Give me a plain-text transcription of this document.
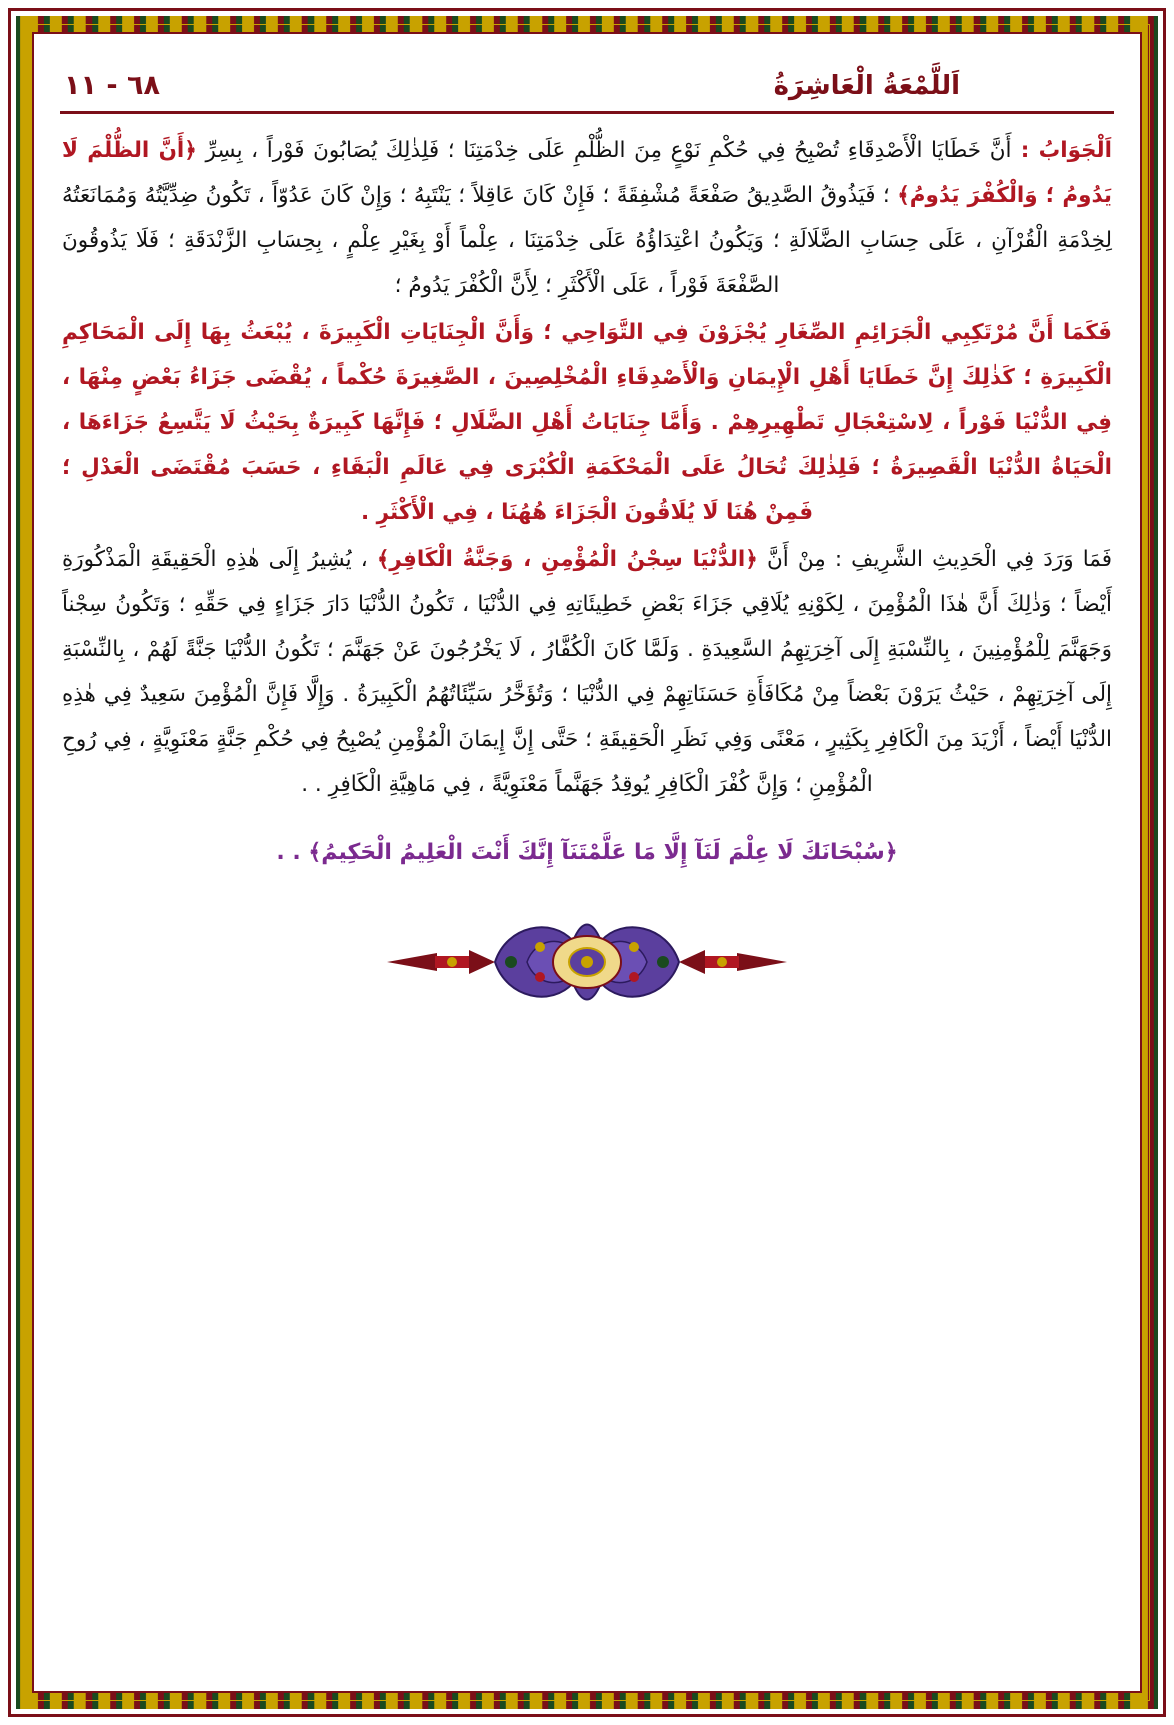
٦٨ - ١١	اَللَّمْعَةُ الْعَاشِرَةُ

اَلْجَوَابُ : أَنَّ خَطَايَا الْأَصْدِقَاءِ تُصْبِحُ فِي حُكْمِ نَوْعٍ مِنَ الظُّلْمِ عَلَى خِدْمَتِنَا ؛ فَلِذٰلِكَ يُصَابُونَ فَوْراً ، بِسِرِّ ﴿أَنَّ الظُّلْمَ لَا يَدُومُ ؛ وَالْكُفْرَ يَدُومُ﴾ ؛ فَيَذُوقُ الصَّدِيقُ صَفْعَةً مُشْفِقَةً ؛ فَإِنْ كَانَ عَاقِلاً ؛ يَنْتَبِهُ ؛ وَإِنْ كَانَ عَدُوّاً ، تَكُونُ ضِدِّيَّتُهُ وَمُمَانَعَتُهُ لِخِدْمَةِ الْقُرْآنِ ، عَلَى حِسَابِ الضَّلَالَةِ ؛ وَيَكُونُ اعْتِدَاؤُهُ عَلَى خِدْمَتِنَا ، عِلْماً أَوْ بِغَيْرِ عِلْمٍ ، بِحِسَابِ الزَّنْدَقَةِ ؛ فَلَا يَذُوقُونَ الصَّفْعَةَ فَوْراً ، عَلَى الْأَكْثَرِ ؛ لِأَنَّ الْكُفْرَ يَدُومُ ؛

فَكَمَا أَنَّ مُرْتَكِبِي الْجَرَائِمِ الصِّغَارِ يُجْزَوْنَ فِي التَّوَاحِي ؛ وَأَنَّ الْجِنَايَاتِ الْكَبِيرَةَ ، يُبْعَثُ بِهَا إِلَى الْمَحَاكِمِ الْكَبِيرَةِ ؛ كَذٰلِكَ إِنَّ خَطَايَا أَهْلِ الْإِيمَانِ وَالْأَصْدِقَاءِ الْمُخْلِصِينَ ، الصَّغِيرَةَ حُكْماً ، يُقْضَى جَزَاءُ بَعْضٍ مِنْهَا ، فِي الدُّنْيَا فَوْراً ، لِاسْتِعْجَالِ تَطْهِيرِهِمْ . وَأَمَّا جِنَايَاتُ أَهْلِ الضَّلَالِ ؛ فَإِنَّهَا كَبِيرَةٌ بِحَيْثُ لَا يَتَّسِعُ جَزَاءَهَا ، الْحَيَاةُ الدُّنْيَا الْقَصِيرَةُ ؛ فَلِذٰلِكَ تُحَالُ عَلَى الْمَحْكَمَةِ الْكُبْرَى فِي عَالَمِ الْبَقَاءِ ، حَسَبَ مُقْتَضَى الْعَدْلِ ؛ فَمِنْ هُنَا لَا يُلَاقُونَ الْجَزَاءَ هُهُنَا ، فِي الْأَكْثَرِ .

فَمَا وَرَدَ فِي الْحَدِيثِ الشَّرِيفِ : مِنْ أَنَّ ﴿الدُّنْيَا سِجْنُ الْمُؤْمِنِ ، وَجَنَّةُ الْكَافِرِ﴾ ، يُشِيرُ إِلَى هٰذِهِ الْحَقِيقَةِ الْمَذْكُورَةِ أَيْضاً ؛ وَذٰلِكَ أَنَّ هٰذَا الْمُؤْمِنَ ، لِكَوْنِهِ يُلَاقِي جَزَاءَ بَعْضِ خَطِيئَاتِهِ فِي الدُّنْيَا ، تَكُونُ الدُّنْيَا دَارَ جَزَاءٍ فِي حَقِّهِ ؛ وَتَكُونُ سِجْناً وَجَهَنَّمَ لِلْمُؤْمِنِينَ ، بِالنِّسْبَةِ إِلَى آخِرَتِهِمُ السَّعِيدَةِ . وَلَمَّا كَانَ الْكُفَّارُ ، لَا يَخْرُجُونَ عَنْ جَهَنَّمَ ؛ تَكُونُ الدُّنْيَا جَنَّةً لَهُمْ ، بِالنِّسْبَةِ إِلَى آخِرَتِهِمْ ، حَيْثُ يَرَوْنَ بَعْضاً مِنْ مُكَافَأَةِ حَسَنَاتِهِمْ فِي الدُّنْيَا ؛ وَتُؤَخَّرُ سَيِّئَاتُهُمُ الْكَبِيرَةُ . وَإِلَّا فَإِنَّ الْمُؤْمِنَ سَعِيدٌ فِي هٰذِهِ الدُّنْيَا أَيْضاً ، أَزْيَدَ مِنَ الْكَافِرِ بِكَثِيرٍ ، مَعْنًى وَفِي نَظَرِ الْحَقِيقَةِ ؛ حَتَّى إِنَّ إِيمَانَ الْمُؤْمِنِ يُصْبِحُ فِي حُكْمِ جَنَّةٍ مَعْنَوِيَّةٍ ، فِي رُوحِ الْمُؤْمِنِ ؛ وَإِنَّ كُفْرَ الْكَافِرِ يُوقِدُ جَهَنَّماً مَعْنَوِيَّةً ، فِي مَاهِيَّةِ الْكَافِرِ . .

﴿سُبْحَانَكَ لَا عِلْمَ لَنَآ إِلَّا مَا عَلَّمْتَنَآ إِنَّكَ أَنْتَ الْعَلِيمُ الْحَكِيمُ﴾ . .
